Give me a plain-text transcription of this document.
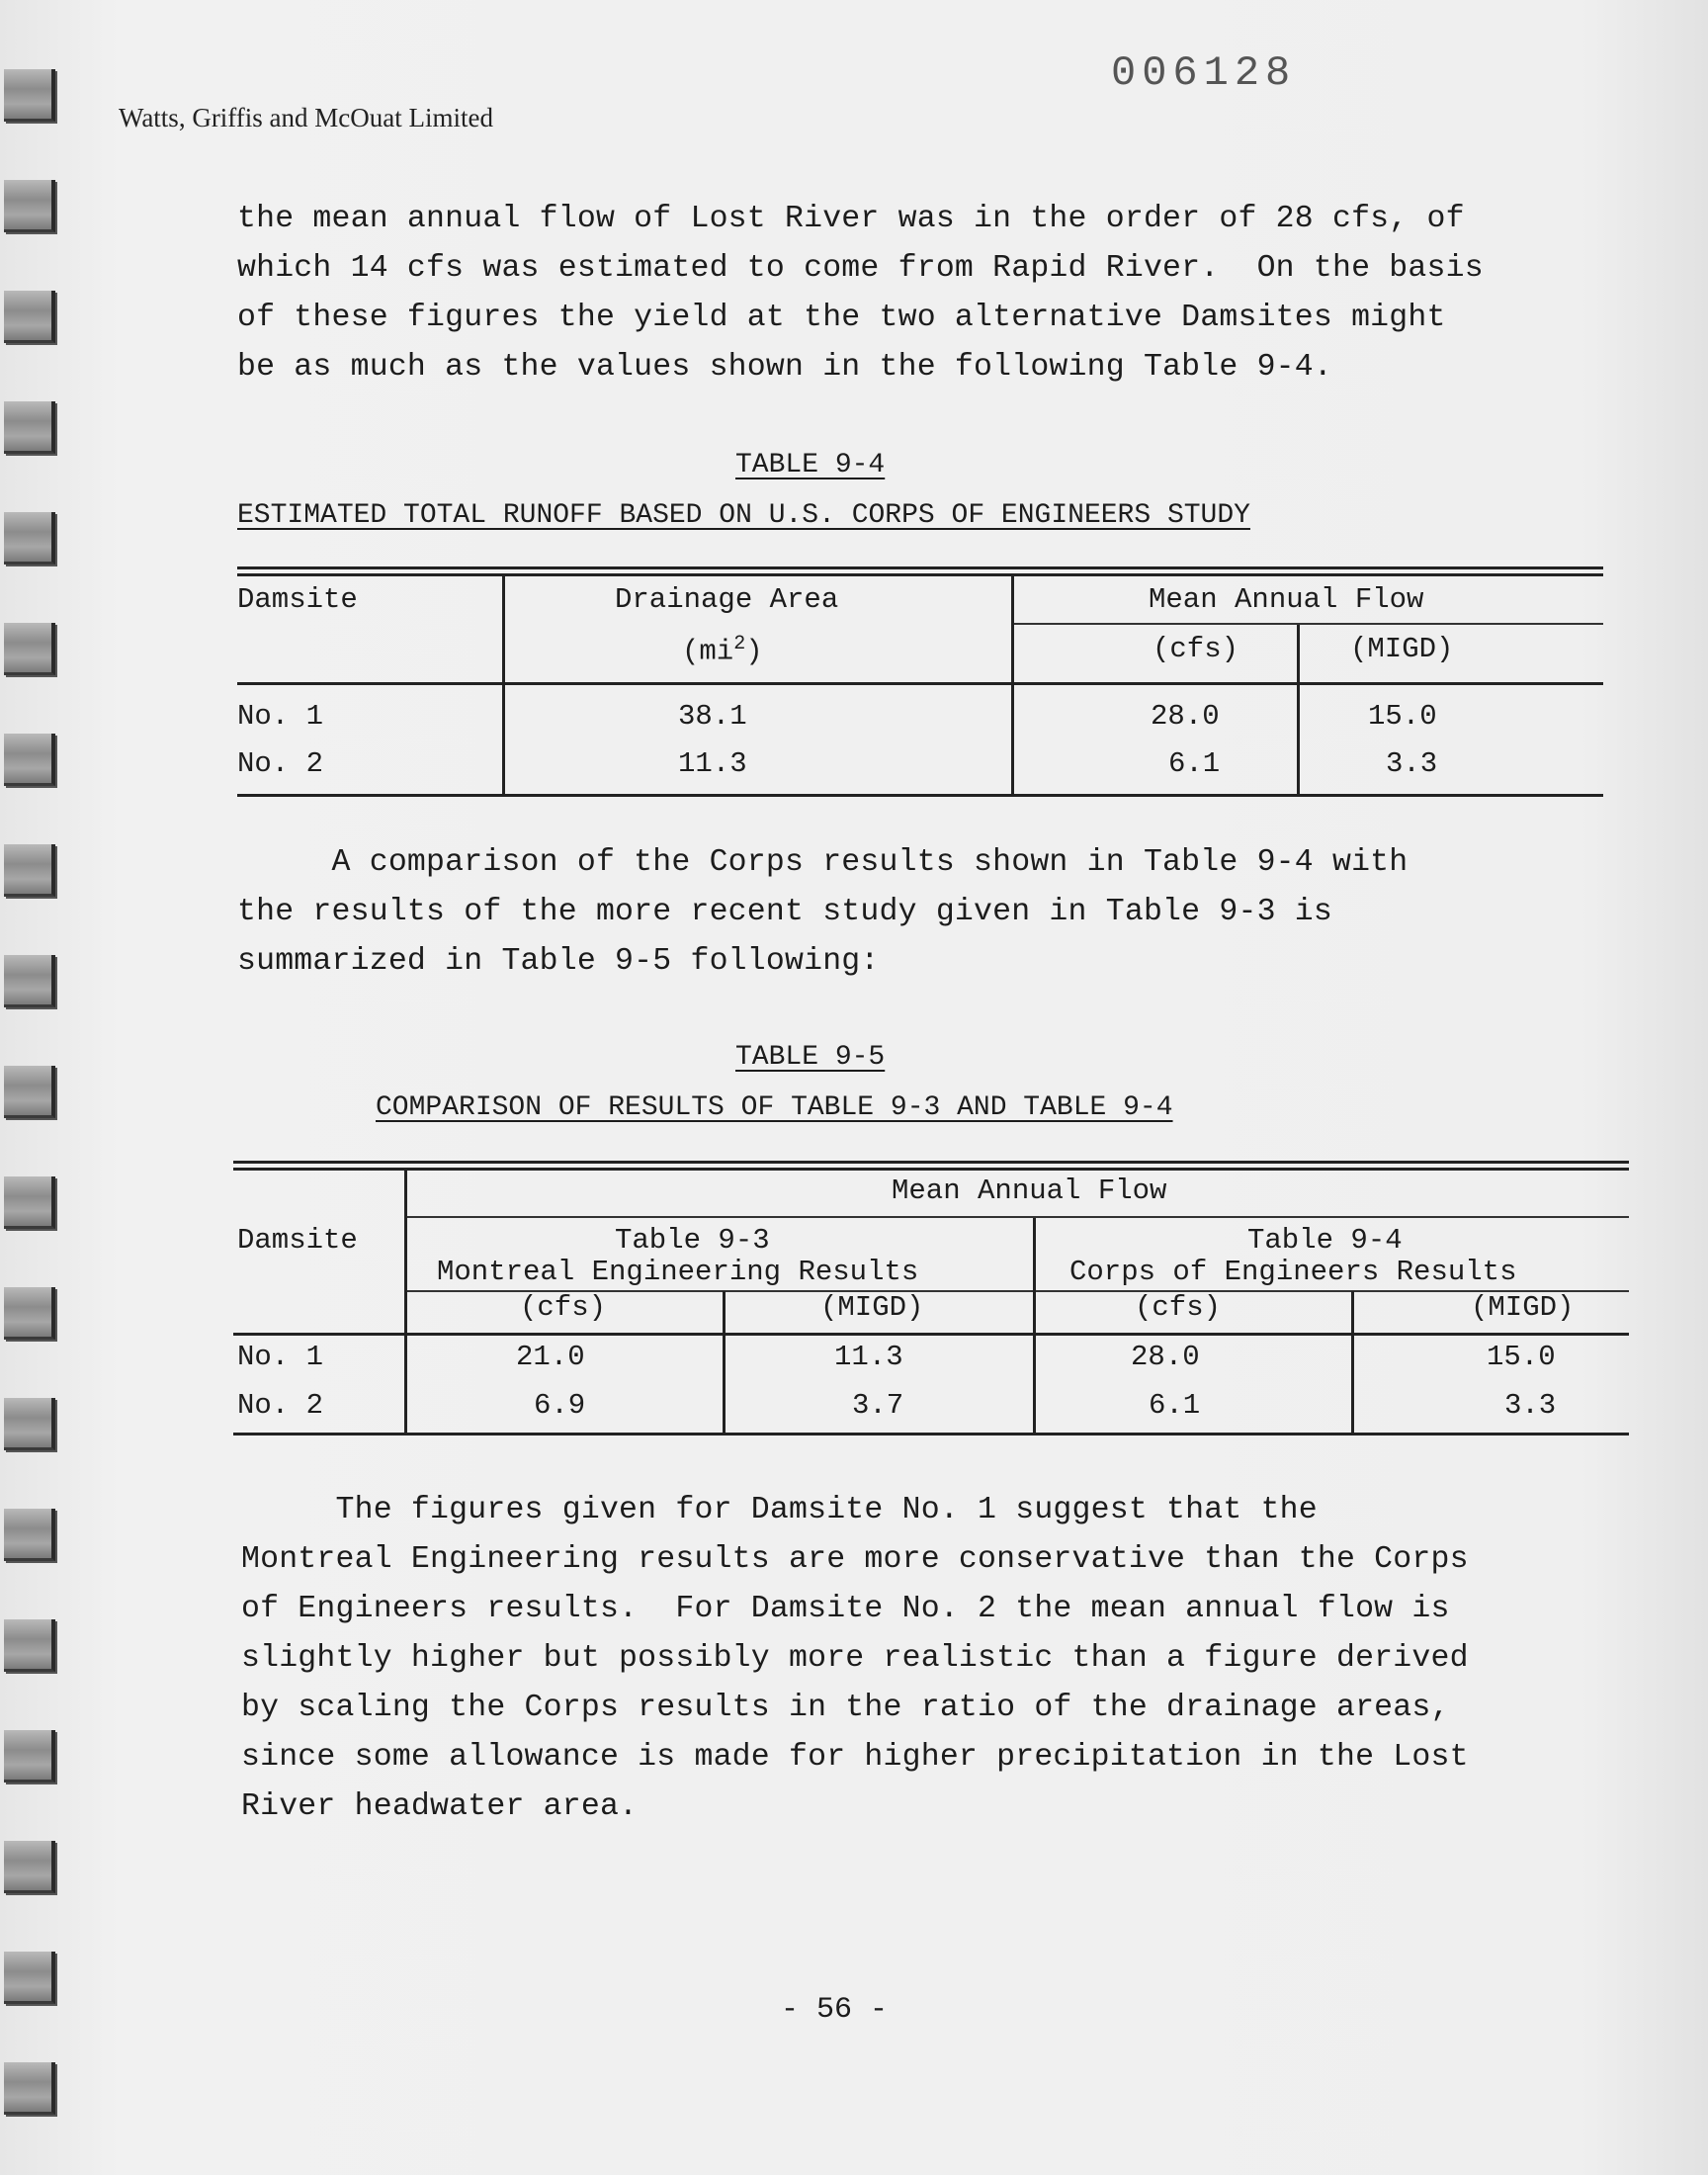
006128
Watts, Griffis and McOuat Limited
the mean annual flow of Lost River was in the order of 28 cfs, of
which 14 cfs was estimated to come from Rapid River.  On the basis
of these figures the yield at the two alternative Damsites might
be as much as the values shown in the following Table 9-4.
TABLE 9-4
ESTIMATED TOTAL RUNOFF BASED ON U.S. CORPS OF ENGINEERS STUDY
Damsite	Drainage Area
$(mi^2)$
Mean Annual Flow
(cfs)	(MIGD)
No. 1	38.1	28.0	15.0
No. 2	11.3	6.1	3.3
A comparison of the Corps results shown in Table 9-4 with
the results of the more recent study given in Table 9-3 is
summarized in Table 9-5 following:
TABLE 9-5
COMPARISON OF RESULTS OF TABLE 9-3 AND TABLE 9-4
Damsite
Mean Annual Flow
Table 9-3
Montreal Engineering Results
Table 9-4
Corps of Engineers Results
(cfs)	(MIGD)	(cfs)	(MIGD)
No. 1	21.0	11.3	28.0	15.0
No. 2	6.9	3.7	6.1	3.3
The figures given for Damsite No. 1 suggest that the
Montreal Engineering results are more conservative than the Corps
of Engineers results.  For Damsite No. 2 the mean annual flow is
slightly higher but possibly more realistic than a figure derived
by scaling the Corps results in the ratio of the drainage areas,
since some allowance is made for higher precipitation in the Lost
River headwater area.
- 56 -
